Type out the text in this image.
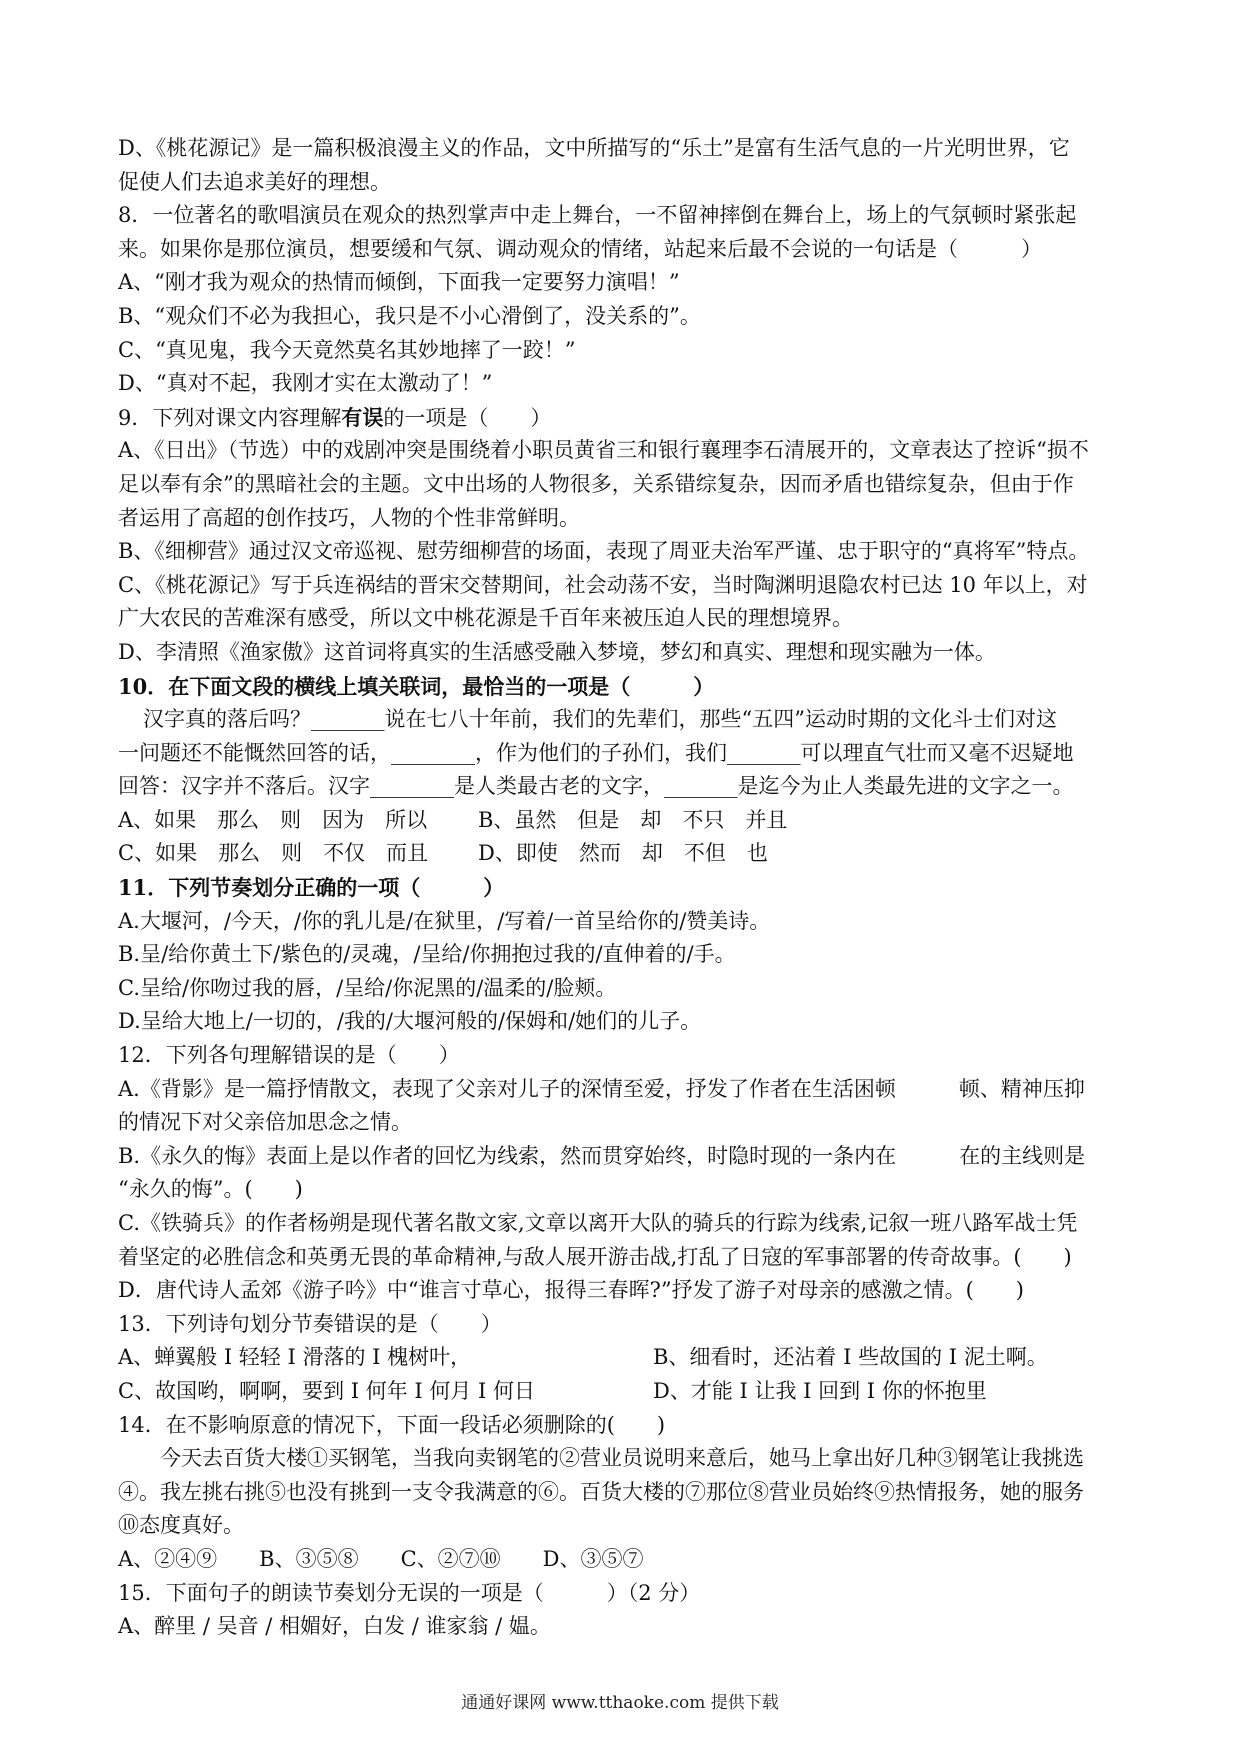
D、《桃花源记》是一篇积极浪漫主义的作品，文中所描写的“乐土”是富有生活气息的一片光明世界，它
促使人们去追求美好的理想。
8．一位著名的歌唱演员在观众的热烈掌声中走上舞台，一不留神摔倒在舞台上，场上的气氛顿时紧张起
来。如果你是那位演员，想要缓和气氛、调动观众的情绪，站起来后最不会说的一句话是（　　　）
A、“刚才我为观众的热情而倾倒，下面我一定要努力演唱！”
B、“观众们不必为我担心，我只是不小心滑倒了，没关系的”。
C、“真见鬼，我今天竟然莫名其妙地摔了一跤！”
D、“真对不起，我刚才实在太激动了！”
9．下列对课文内容理解有误的一项是（　　）
A、《日出》（节选）中的戏剧冲突是围绕着小职员黄省三和银行襄理李石清展开的，文章表达了控诉“损不
足以奉有余”的黑暗社会的主题。文中出场的人物很多，关系错综复杂，因而矛盾也错综复杂，但由于作
者运用了高超的创作技巧，人物的个性非常鲜明。
B、《细柳营》通过汉文帝巡视、慰劳细柳营的场面，表现了周亚夫治军严谨、忠于职守的“真将军”特点。
C、《桃花源记》写于兵连祸结的晋宋交替期间，社会动荡不安，当时陶渊明退隐农村已达 10 年以上，对
广大农民的苦难深有感受，所以文中桃花源是千百年来被压迫人民的理想境界。
D、李清照《渔家傲》这首词将真实的生活感受融入梦境，梦幻和真实、理想和现实融为一体。
10．在下面文段的横线上填关联词，最恰当的一项是（　　　）
汉字真的落后吗？_______说在七八十年前，我们的先辈们，那些“五四”运动时期的文化斗士们对这
一问题还不能慨然回答的话，________，作为他们的子孙们，我们_______可以理直气壮而又毫不迟疑地
回答：汉字并不落后。汉字________是人类最古老的文字，_______是迄今为止人类最先进的文字之一。
A、如果　那么　则　因为　所以 B、虽然　但是　却　不只　并且
C、如果　那么　则　不仅　而且 D、即使　然而　却　不但　也
11．下列节奏划分正确的一项（　　　）
A.大堰河，/今天，/你的乳儿是/在狱里，/写着/一首呈给你的/赞美诗。
B.呈/给你黄土下/紫色的/灵魂，/呈给/你拥抱过我的/直伸着的/手。
C.呈给/你吻过我的唇，/呈给/你泥黑的/温柔的/脸颊。
D.呈给大地上/一切的，/我的/大堰河般的/保姆和/她们的儿子。
12．下列各句理解错误的是（　　）
A.《背影》是一篇抒情散文，表现了父亲对儿子的深情至爱，抒发了作者在生活困顿　　　顿、精神压抑
的情况下对父亲倍加思念之情。
B.《永久的悔》表面上是以作者的回忆为线索，然而贯穿始终，时隐时现的一条内在　　　在的主线则是
“永久的悔”。(　　)
C.《铁骑兵》的作者杨朔是现代著名散文家,文章以离开大队的骑兵的行踪为线索,记叙一班八路军战士凭
着坚定的必胜信念和英勇无畏的革命精神,与敌人展开游击战,打乱了日寇的军事部署的传奇故事。(　　)
D．唐代诗人孟郊《游子吟》中“谁言寸草心，报得三春晖?”抒发了游子对母亲的感激之情。(　　)
13．下列诗句划分节奏错误的是（　　）
A、蝉翼般 Ι 轻轻 Ι 滑落的 Ι 槐树叶，	B、细看时，还沾着 Ι 些故国的 Ι 泥土啊。
C、故国哟，啊啊，要到 Ι 何年 Ι 何月 Ι 何日	D、才能 Ι 让我 Ι 回到 Ι 你的怀抱里
14．在不影响原意的情况下，下面一段话必须删除的(　　)
今天去百货大楼①买钢笔，当我向卖钢笔的②营业员说明来意后，她马上拿出好几种③钢笔让我挑选
④。我左挑右挑⑤也没有挑到一支令我满意的⑥。百货大楼的⑦那位⑧营业员始终⑨热情报务，她的服务
⑩态度真好。
A、②④⑨　　B、③⑤⑧　　C、②⑦⑩　　D、③⑤⑦
15．下面句子的朗读节奏划分无误的一项是（　　　）（2 分）
A、醉里 / 吴音 / 相媚好，白发 / 谁家翁 / 媪。
通通好课网 www.tthaoke.com 提供下载
